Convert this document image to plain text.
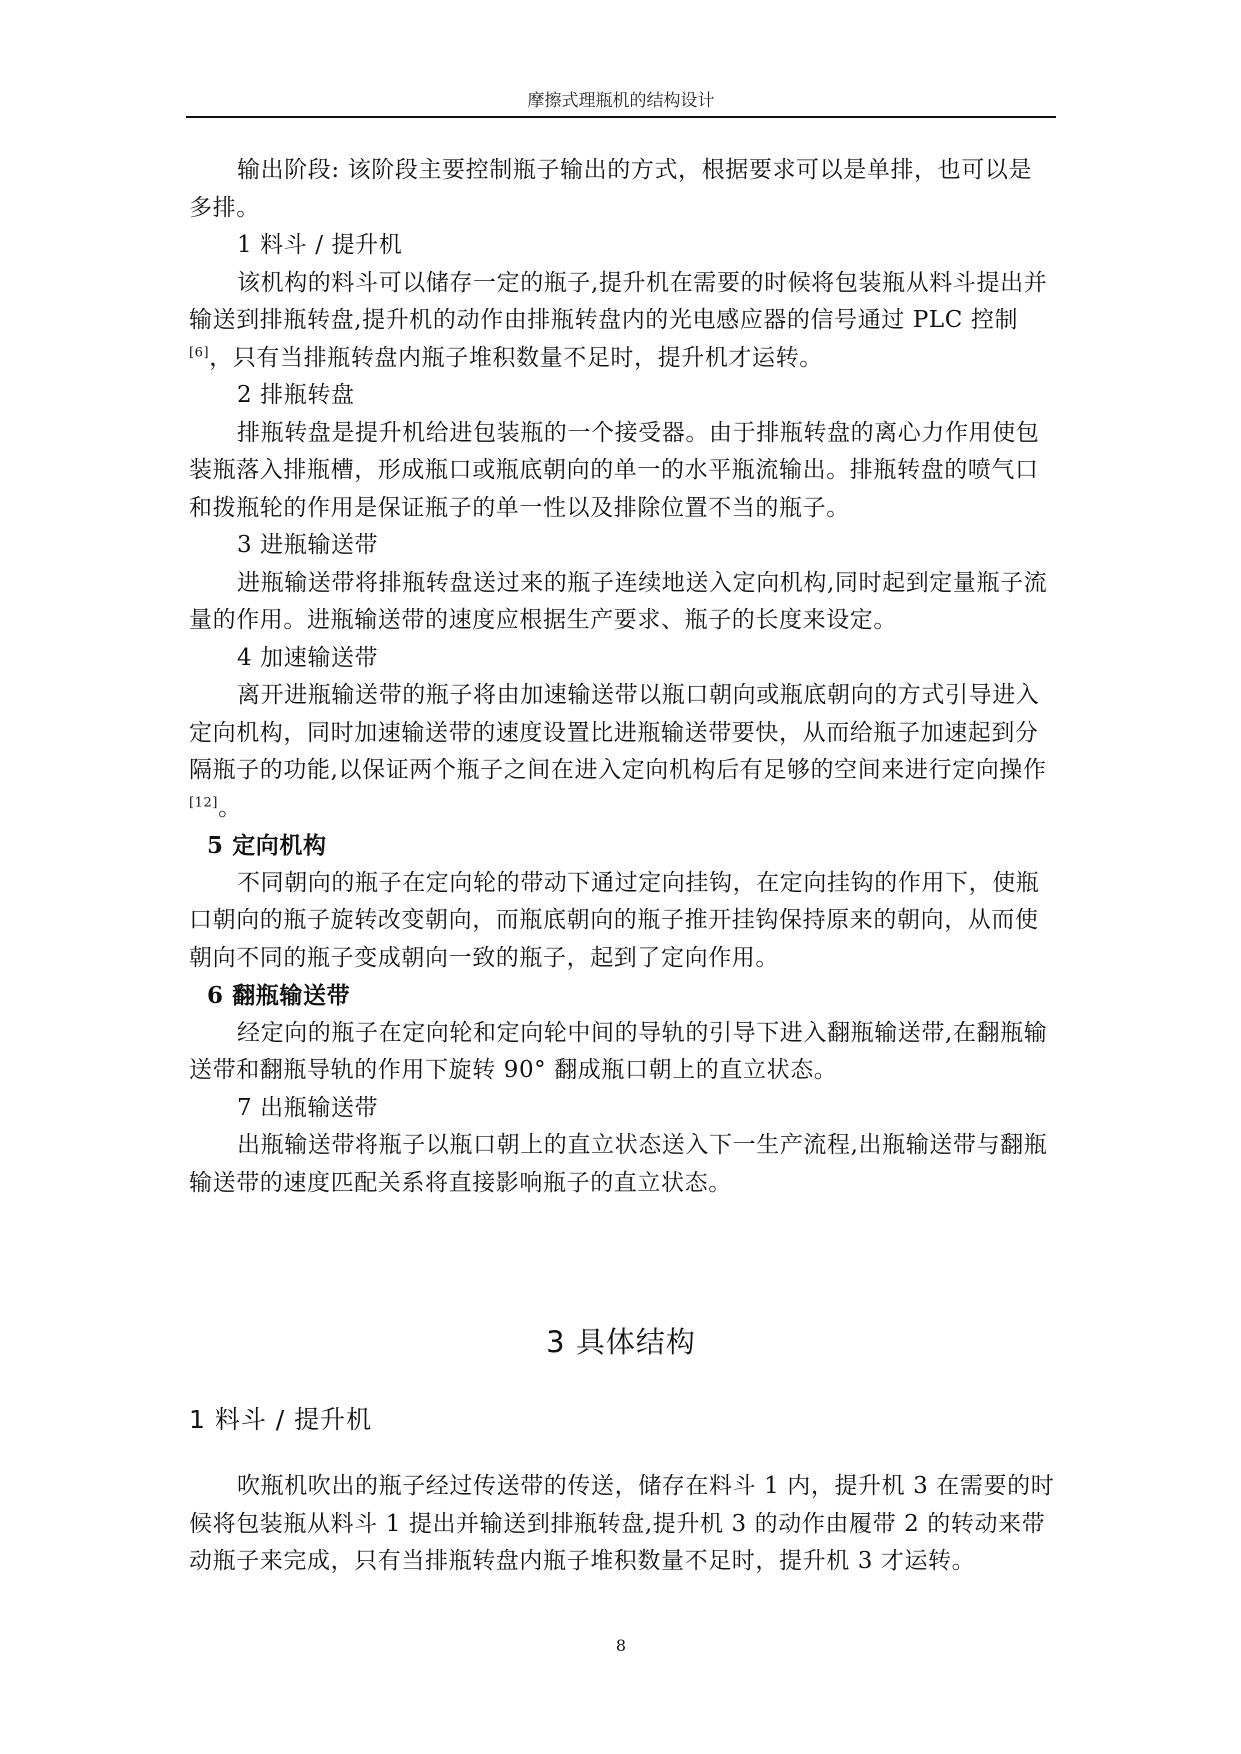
摩擦式理瓶机的结构设计

输出阶段: 该阶段主要控制瓶子输出的方式，根据要求可以是单排，也可以是多排。

1 料斗 / 提升机

该机构的料斗可以储存一定的瓶子,提升机在需要的时候将包装瓶从料斗提出并输送到排瓶转盘,提升机的动作由排瓶转盘内的光电感应器的信号通过 PLC 控制[6]，只有当排瓶转盘内瓶子堆积数量不足时，提升机才运转。

2 排瓶转盘

排瓶转盘是提升机给进包装瓶的一个接受器。由于排瓶转盘的离心力作用使包装瓶落入排瓶槽，形成瓶口或瓶底朝向的单一的水平瓶流输出。排瓶转盘的喷气口和拨瓶轮的作用是保证瓶子的单一性以及排除位置不当的瓶子。

3 进瓶输送带

进瓶输送带将排瓶转盘送过来的瓶子连续地送入定向机构,同时起到定量瓶子流量的作用。进瓶输送带的速度应根据生产要求、瓶子的长度来设定。

4 加速输送带

离开进瓶输送带的瓶子将由加速输送带以瓶口朝向或瓶底朝向的方式引导进入定向机构，同时加速输送带的速度设置比进瓶输送带要快，从而给瓶子加速起到分隔瓶子的功能,以保证两个瓶子之间在进入定向机构后有足够的空间来进行定向操作[12]。

5 定向机构

不同朝向的瓶子在定向轮的带动下通过定向挂钩，在定向挂钩的作用下，使瓶口朝向的瓶子旋转改变朝向，而瓶底朝向的瓶子推开挂钩保持原来的朝向，从而使朝向不同的瓶子变成朝向一致的瓶子，起到了定向作用。

6 翻瓶输送带

经定向的瓶子在定向轮和定向轮中间的导轨的引导下进入翻瓶输送带,在翻瓶输送带和翻瓶导轨的作用下旋转 90° 翻成瓶口朝上的直立状态。

7 出瓶输送带

出瓶输送带将瓶子以瓶口朝上的直立状态送入下一生产流程,出瓶输送带与翻瓶输送带的速度匹配关系将直接影响瓶子的直立状态。

3 具体结构
1 料斗 / 提升机

吹瓶机吹出的瓶子经过传送带的传送，储存在料斗 1 内，提升机 3 在需要的时候将包装瓶从料斗 1 提出并输送到排瓶转盘,提升机 3 的动作由履带 2 的转动来带动瓶子来完成，只有当排瓶转盘内瓶子堆积数量不足时，提升机 3 才运转。

8
